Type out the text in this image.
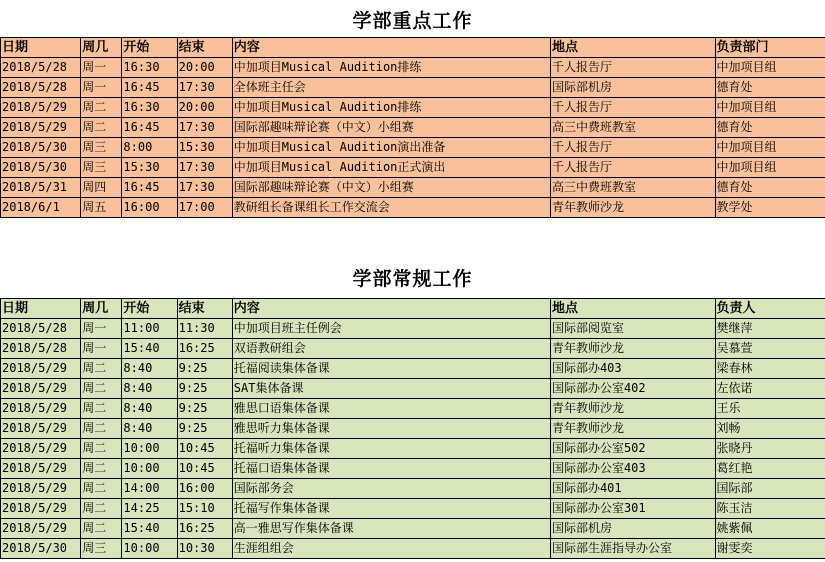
学部重点工作
日期	周几	开始	结束	内容	地点	负责部门
2018/5/28	周一	16:30	20:00	中加项目Musical Audition排练	千人报告厅	中加项目组
2018/5/28	周一	16:45	17:30	全体班主任会	国际部机房	德育处
2018/5/29	周二	16:30	20:00	中加项目Musical Audition排练	千人报告厅	中加项目组
2018/5/29	周二	16:45	17:30	国际部趣味辩论赛（中文）小组赛	高三中费班教室	德育处
2018/5/30	周三	8:00	15:30	中加项目Musical Audition演出准备	千人报告厅	中加项目组
2018/5/30	周三	15:30	17:30	中加项目Musical Audition正式演出	千人报告厅	中加项目组
2018/5/31	周四	16:45	17:30	国际部趣味辩论赛（中文）小组赛	高三中费班教室	德育处
2018/6/1	周五	16:00	17:00	教研组长备课组长工作交流会	青年教师沙龙	教学处
学部常规工作
日期	周几	开始	结束	内容	地点	负责人
2018/5/28	周一	11:00	11:30	中加项目班主任例会	国际部阅览室	樊继萍
2018/5/28	周一	15:40	16:25	双语教研组会	青年教师沙龙	吴慕萱
2018/5/29	周二	8:40	9:25	托福阅读集体备课	国际部办403	梁春林
2018/5/29	周二	8:40	9:25	SAT集体备课	国际部办公室402	左依诺
2018/5/29	周二	8:40	9:25	雅思口语集体备课	青年教师沙龙	王乐
2018/5/29	周二	8:40	9:25	雅思听力集体备课	青年教师沙龙	刘畅
2018/5/29	周二	10:00	10:45	托福听力集体备课	国际部办公室502	张晓丹
2018/5/29	周二	10:00	10:45	托福口语集体备课	国际部办公室403	葛红艳
2018/5/29	周二	14:00	16:00	国际部务会	国际部办401	国际部
2018/5/29	周二	14:25	15:10	托福写作集体备课	国际部办公室301	陈玉洁
2018/5/29	周二	15:40	16:25	高一雅思写作集体备课	国际部机房	姚紫佩
2018/5/30	周三	10:00	10:30	生涯组组会	国际部生涯指导办公室	谢雯奕
